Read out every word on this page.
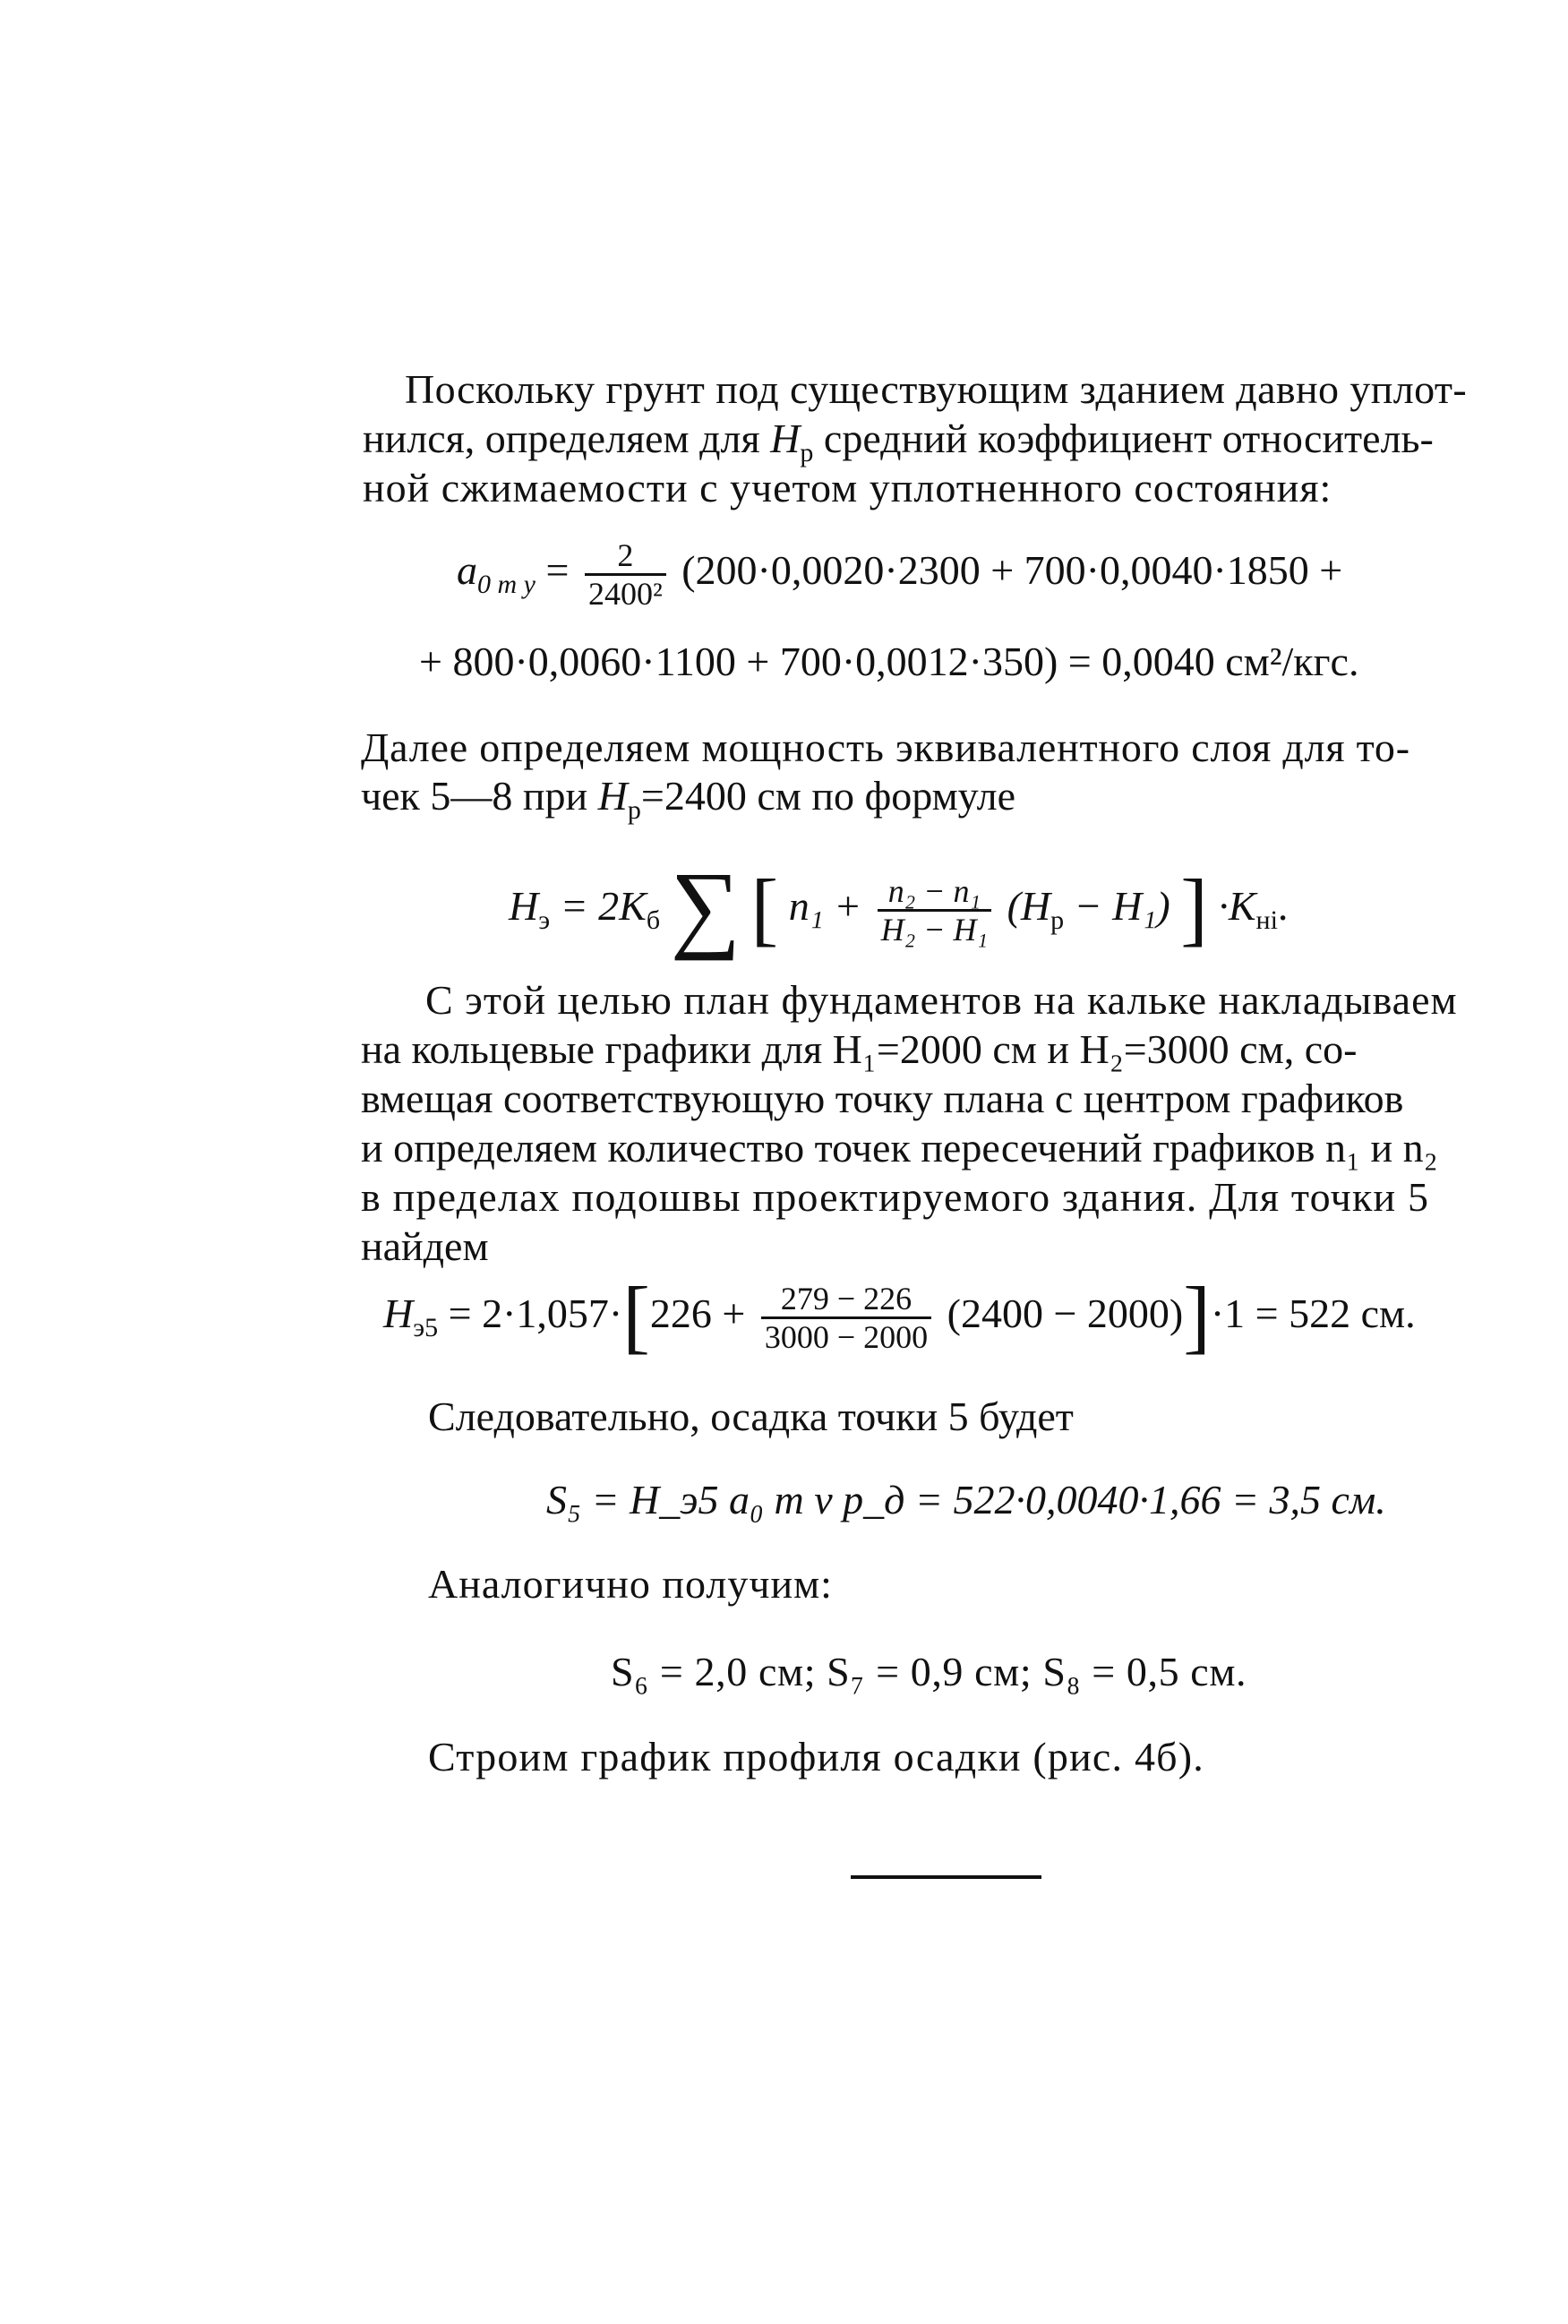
Поскольку грунт под существующим зданием давно уплот-
нился, определяем для $H_р$ средний коэффициент относитель-
ной сжимаемости с учетом уплотненного состояния:
$a_{0 m у} = \frac{2}{\text{2400²}} (200\cdot 0,0020\cdot 2300 + 700\cdot 0,0040\cdot 1850$ +
+ 800·0,0060·1100 + 700·0,0012·350) = 0,0040 см²/кгс.
Далее определяем мощность эквивалентного слоя для то-
чек 5—8 при $H_р=2400$ см по формуле
$H_э = 2K_б$ ∑ [ $n_1 + \frac{\text{n₂ − n₁}}{\text{H₂ − H₁}} (H_р - H_1)$ ] $\cdot K_{ні}$.
С этой целью план фундаментов на кальке накладываем
на кольцевые графики для H₁=2000 см и H₂=3000 см, со-
вмещая соответствующую точку плана с центром графиков
и определяем количество точек пересечений графиков n₁ и n₂
в пределах подошвы проектируемого здания. Для точки 5
найдем
$H_{э5} = 2\cdot 1,057\cdot[226 + \frac{279 - 226}{3000 - 2000} (2400 - 2000)]\cdot 1 = 522$ см.
Следовательно, осадка точки 5 будет
S₅ = H_э5 a₀ m v p_д = 522·0,0040·1,66 = 3,5 см.
Аналогично получим:
S₆ = 2,0 см; S₇ = 0,9 см; S₈ = 0,5 см.
Строим график профиля осадки (рис. 4б).
